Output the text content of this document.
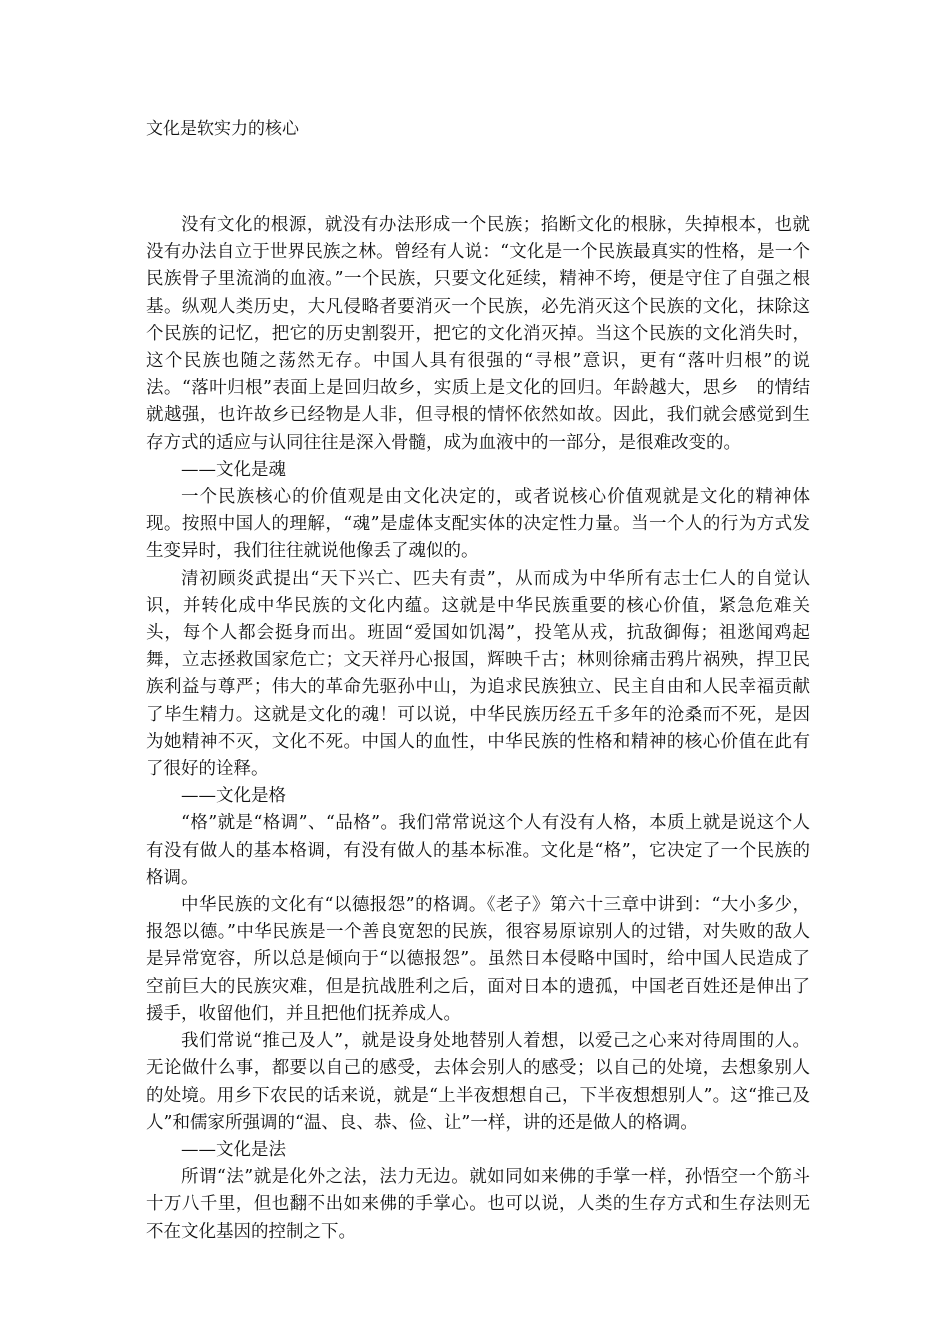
文化是软实力的核心

没有文化的根源，就没有办法形成一个民族；掐断文化的根脉，失掉根本，也就没有办法自立于世界民族之林。曾经有人说：“文化是一个民族最真实的性格，是一个民族骨子里流淌的血液。”一个民族，只要文化延续，精神不垮，便是守住了自强之根基。纵观人类历史，大凡侵略者要消灭一个民族，必先消灭这个民族的文化，抹除这个民族的记忆，把它的历史割裂开，把它的文化消灭掉。当这个民族的文化消失时，这个民族也随之荡然无存。中国人具有很强的“寻根”意识，更有“落叶归根”的说法。“落叶归根”表面上是回归故乡，实质上是文化的回归。年龄越大，思乡　的情结就越强，也许故乡已经物是人非，但寻根的情怀依然如故。因此，我们就会感觉到生存方式的适应与认同往往是深入骨髓，成为血液中的一部分，是很难改变的。

——文化是魂

一个民族核心的价值观是由文化决定的，或者说核心价值观就是文化的精神体现。按照中国人的理解，“魂”是虚体支配实体的决定性力量。当一个人的行为方式发生变异时，我们往往就说他像丢了魂似的。

清初顾炎武提出“天下兴亡、匹夫有责”，从而成为中华所有志士仁人的自觉认识，并转化成中华民族的文化内蕴。这就是中华民族重要的核心价值，紧急危难关头，每个人都会挺身而出。班固“爱国如饥渴”，投笔从戎，抗敌御侮；祖逖闻鸡起舞，立志拯救国家危亡；文天祥丹心报国，辉映千古；林则徐痛击鸦片祸殃，捍卫民族利益与尊严；伟大的革命先驱孙中山，为追求民族独立、民主自由和人民幸福贡献了毕生精力。这就是文化的魂！可以说，中华民族历经五千多年的沧桑而不死，是因为她精神不灭，文化不死。中国人的血性，中华民族的性格和精神的核心价值在此有了很好的诠释。

——文化是格

“格”就是“格调”、“品格”。我们常常说这个人有没有人格，本质上就是说这个人有没有做人的基本格调，有没有做人的基本标准。文化是“格”，它决定了一个民族的格调。

中华民族的文化有“以德报怨”的格调。《老子》第六十三章中讲到：“大小多少，报怨以德。”中华民族是一个善良宽恕的民族，很容易原谅别人的过错，对失败的敌人是异常宽容，所以总是倾向于“以德报怨”。虽然日本侵略中国时，给中国人民造成了空前巨大的民族灾难，但是抗战胜利之后，面对日本的遗孤，中国老百姓还是伸出了援手，收留他们，并且把他们抚养成人。

我们常说“推己及人”，就是设身处地替别人着想，以爱己之心来对待周围的人。无论做什么事，都要以自己的感受，去体会别人的感受；以自己的处境，去想象别人的处境。用乡下农民的话来说，就是“上半夜想想自己，下半夜想想别人”。这“推己及人”和儒家所强调的“温、良、恭、俭、让”一样，讲的还是做人的格调。

——文化是法

所谓“法”就是化外之法，法力无边。就如同如来佛的手掌一样，孙悟空一个筋斗十万八千里，但也翻不出如来佛的手掌心。也可以说，人类的生存方式和生存法则无不在文化基因的控制之下。
